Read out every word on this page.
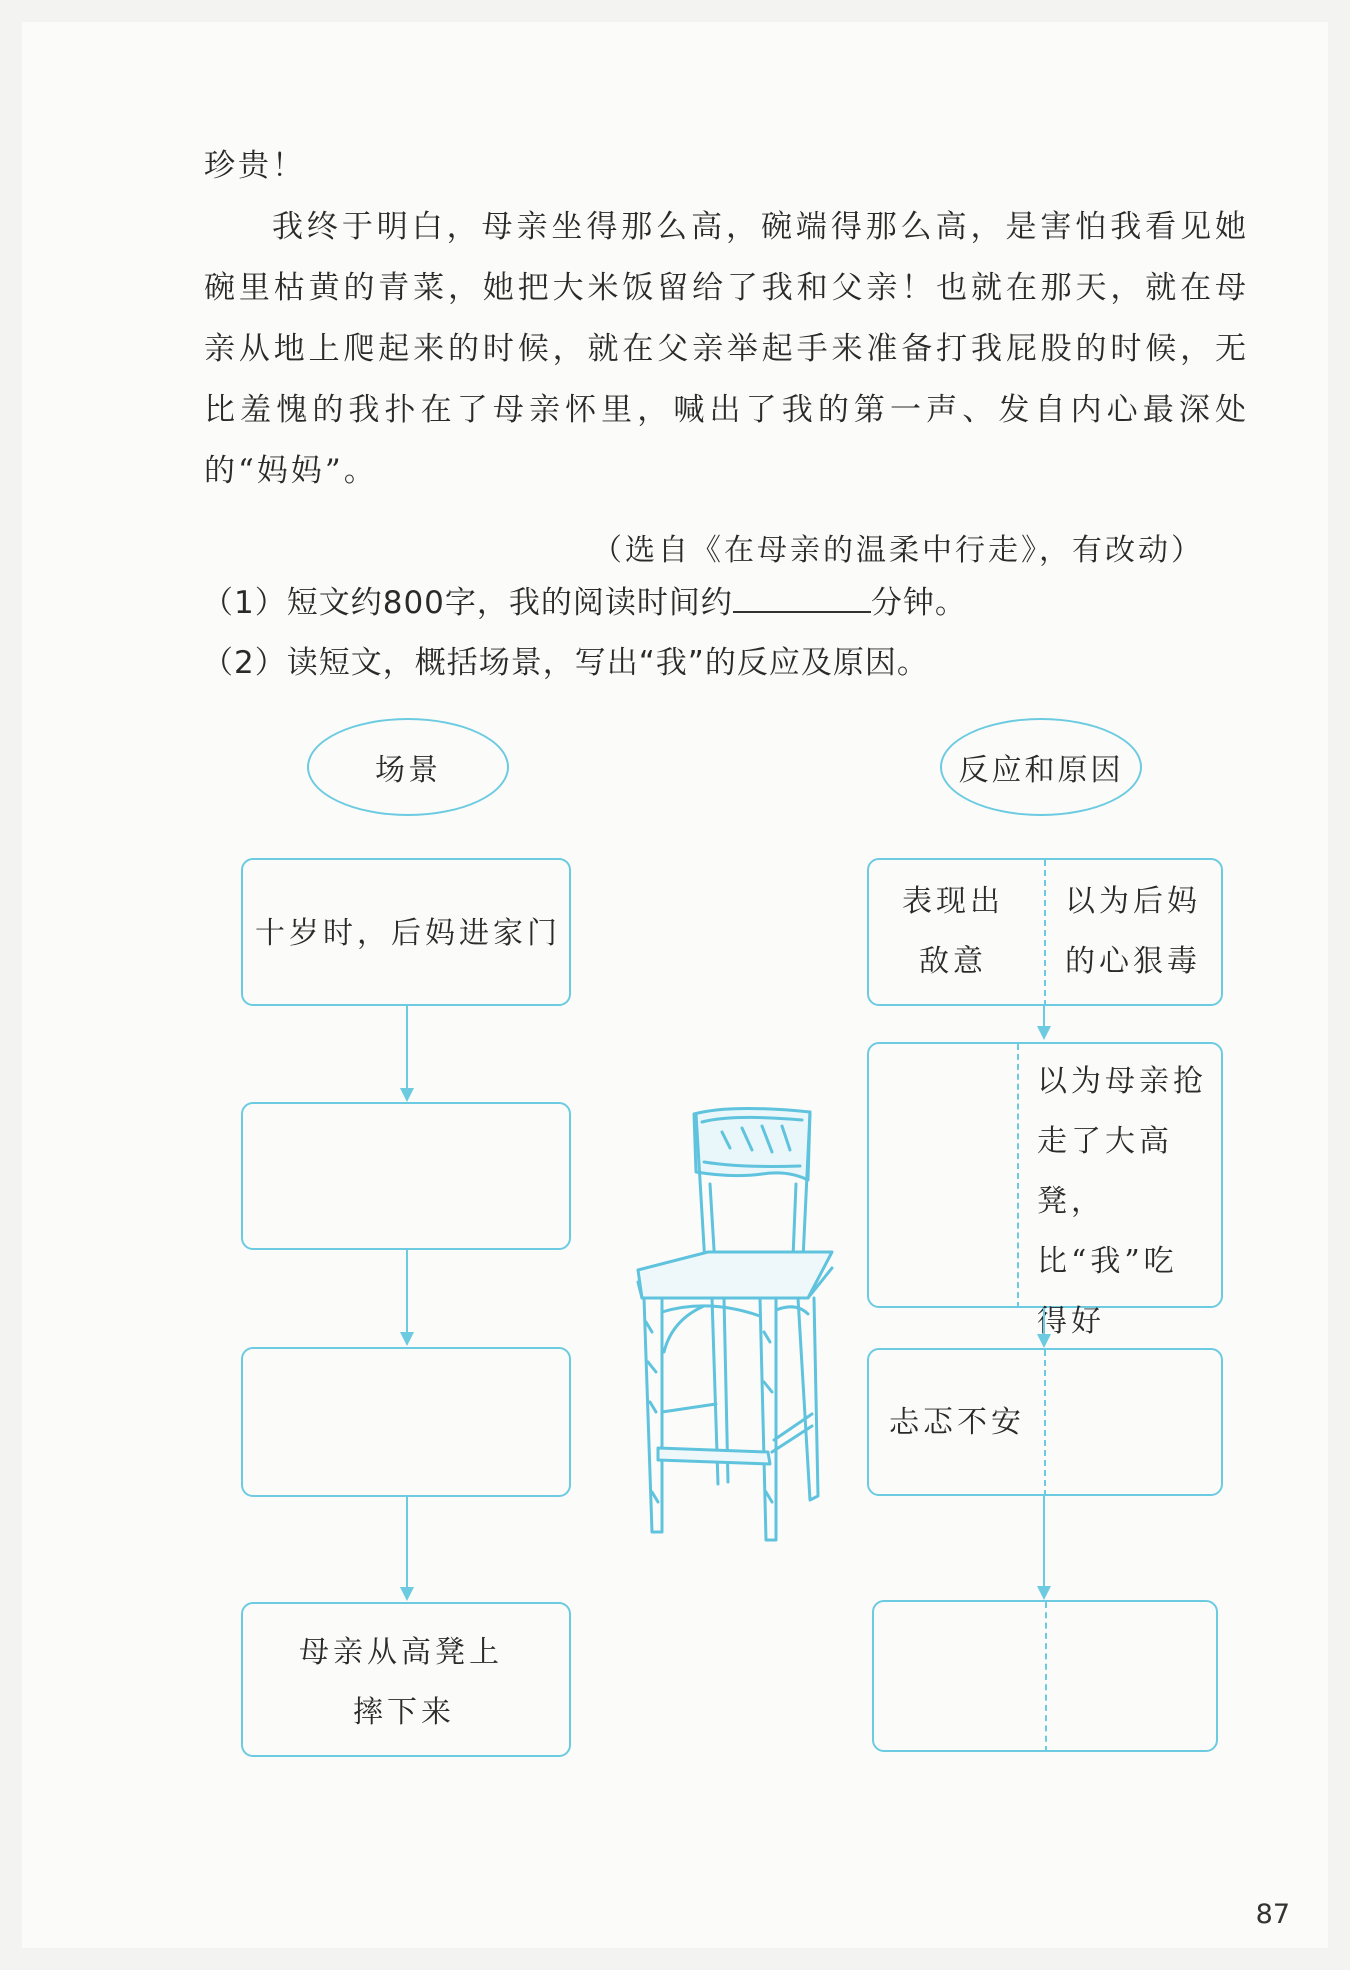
珍贵！

我终于明白，母亲坐得那么高，碗端得那么高，是害怕我看见她碗里枯黄的青菜，她把大米饭留给了我和父亲！也就在那天，就在母亲从地上爬起来的时候，就在父亲举起手来准备打我屁股的时候，无比羞愧的我扑在了母亲怀里，喊出了我的第一声、发自内心最深处的“妈妈”。

（选自《在母亲的温柔中行走》，有改动）
（1）短文约800字，我的阅读时间约	分钟。
（2）读短文，概括场景，写出“我”的反应及原因。
场景	反应和原因
十岁时，后妈进家门
母亲从高凳上
摔下来
表现出
敌意
以为后妈
的心狠毒
以为母亲抢
走了大高凳，
比“我”吃
得好
忐忑不安
87
